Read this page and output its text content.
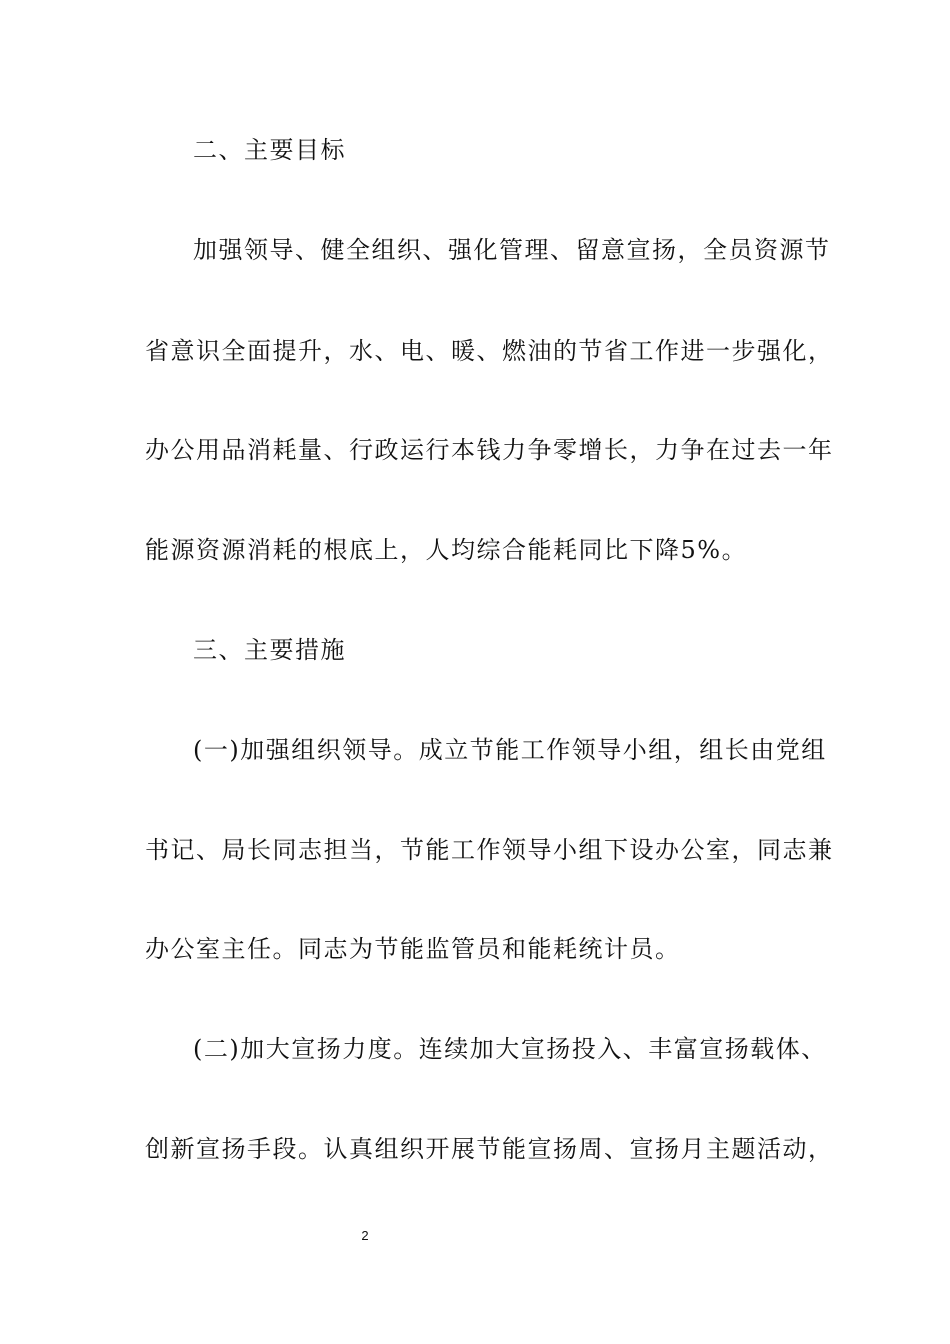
二、主要目标
加强领导、健全组织、强化管理、留意宣扬，全员资源节
省意识全面提升，水、电、暖、燃油的节省工作进一步强化，
办公用品消耗量、行政运行本钱力争零增长，力争在过去一年
能源资源消耗的根底上，人均综合能耗同比下降5%。
三、主要措施
(一)加强组织领导。成立节能工作领导小组，组长由党组
书记、局长同志担当，节能工作领导小组下设办公室，同志兼
办公室主任。同志为节能监管员和能耗统计员。
(二)加大宣扬力度。连续加大宣扬投入、丰富宣扬载体、
创新宣扬手段。认真组织开展节能宣扬周、宣扬月主题活动，
2
